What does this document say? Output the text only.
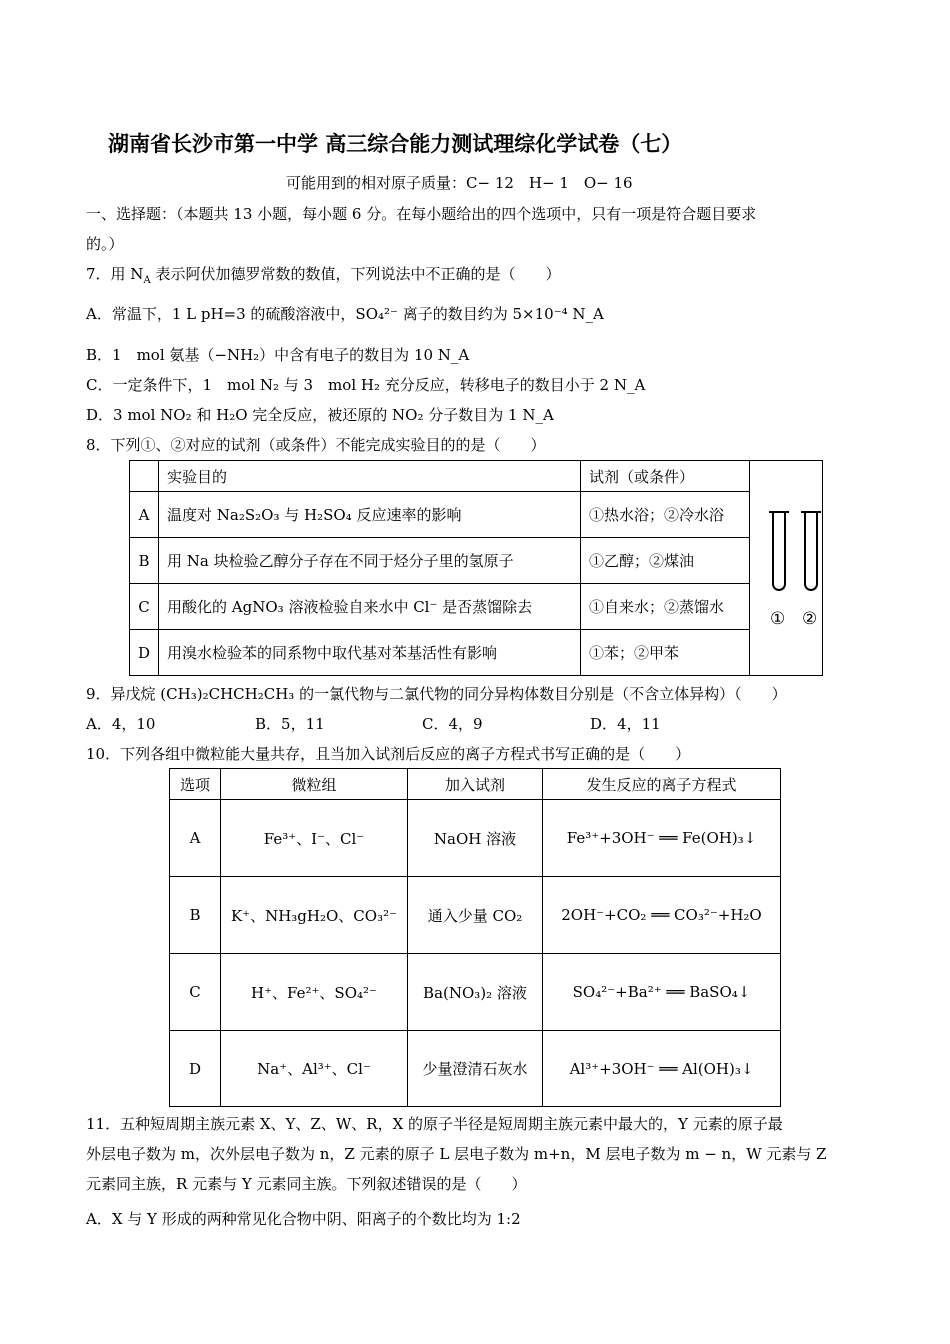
湖南省长沙市第一中学 高三综合能力测试理综化学试卷（七）
可能用到的相对原子质量：C− 12　H− 1　O− 16
一、选择题：（本题共 13 小题，每小题 6 分。在每小题给出的四个选项中，只有一项是符合题目要求
的。）
7．用 $N_A$ 表示阿伏加德罗常数的数值，下列说法中不正确的是（　　）
A．常温下，1 L pH=3 的硫酸溶液中，SO₄²⁻ 离子的数目约为 5×10⁻⁴ N_A
B．1　mol 氨基（−NH₂）中含有电子的数目为 10 N_A
C．一定条件下，1　mol N₂ 与 3　mol H₂ 充分反应，转移电子的数目小于 2 N_A
D．3 mol NO₂ 和 H₂O 完全反应，被还原的 NO₂ 分子数目为 1 N_A
8．下列①、②对应的试剂（或条件）不能完成实验目的的是（　　）
	实验目的	试剂（或条件）	① ②

A	温度对 Na₂S₂O₃ 与 H₂SO₄ 反应速率的影响	①热水浴；②冷水浴	
B	用 Na 块检验乙醇分子存在不同于烃分子里的氢原子	①乙醇；②煤油	
C	用酸化的 AgNO₃ 溶液检验自来水中 Cl⁻ 是否蒸馏除去	①自来水；②蒸馏水	
D	用溴水检验苯的同系物中取代基对苯基活性有影响	①苯；②甲苯	
9．异戊烷 (CH₃)₂CHCH₂CH₃ 的一氯代物与二氯代物的同分异构体数目分别是（不含立体异构）（　　）
A．4，10	B．5，11	C．4，9	D．4，11
10．下列各组中微粒能大量共存，且当加入试剂后反应的离子方程式书写正确的是（　　）
选项	微粒组	加入试剂	发生反应的离子方程式
A	Fe³⁺、I⁻、Cl⁻	NaOH 溶液	Fe³⁺+3OH⁻ ══ Fe(OH)₃↓
B	K⁺、NH₃gH₂O、CO₃²⁻	通入少量 CO₂	2OH⁻+CO₂ ══ CO₃²⁻+H₂O
C	H⁺、Fe²⁺、SO₄²⁻	Ba(NO₃)₂ 溶液	SO₄²⁻+Ba²⁺ ══ BaSO₄↓
D	Na⁺、Al³⁺、Cl⁻	少量澄清石灰水	Al³⁺+3OH⁻ ══ Al(OH)₃↓
11．五种短周期主族元素 X、Y、Z、W、R，X 的原子半径是短周期主族元素中最大的，Y 元素的原子最
外层电子数为 m，次外层电子数为 n，Z 元素的原子 L 层电子数为 m+n，M 层电子数为 m − n，W 元素与 Z
元素同主族，R 元素与 Y 元素同主族。下列叙述错误的是（　　）
A．X 与 Y 形成的两种常见化合物中阴、阳离子的个数比均为 1:2
